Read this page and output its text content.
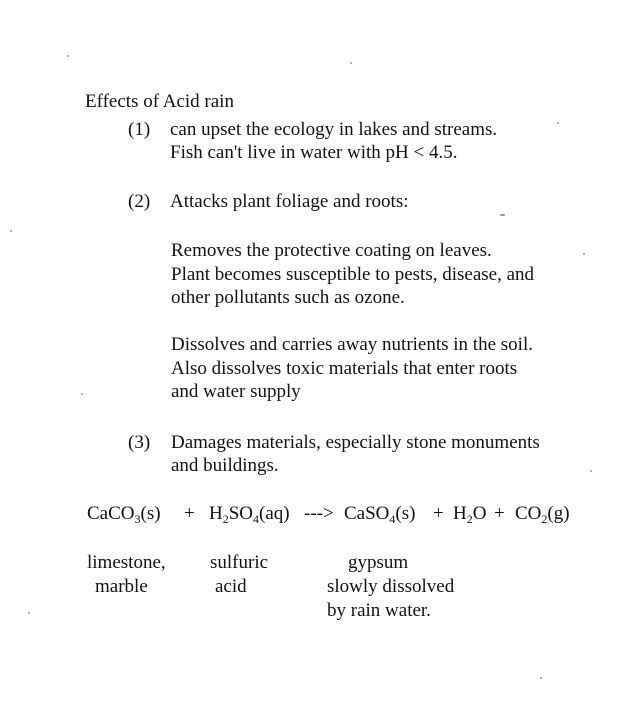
Effects of Acid rain
(1) can upset the ecology in lakes and streams.
Fish can't live in water with pH < 4.5.
(2) Attacks plant foliage and roots:
Removes the protective coating on leaves.
Plant becomes susceptible to pests, disease, and
other pollutants such as ozone.
Dissolves and carries away nutrients in the soil.
Also dissolves toxic materials that enter roots
and water supply
(3) Damages materials, especially stone monuments
and buildings.
CaCO$_3$(s) + $H_2SO_4(aq)$ ---> CaSO$_4$(s) + $H_2O + CO_2(g)$
limestone,
marble
sulfuric
acid
gypsum
slowly dissolved
by rain water.
